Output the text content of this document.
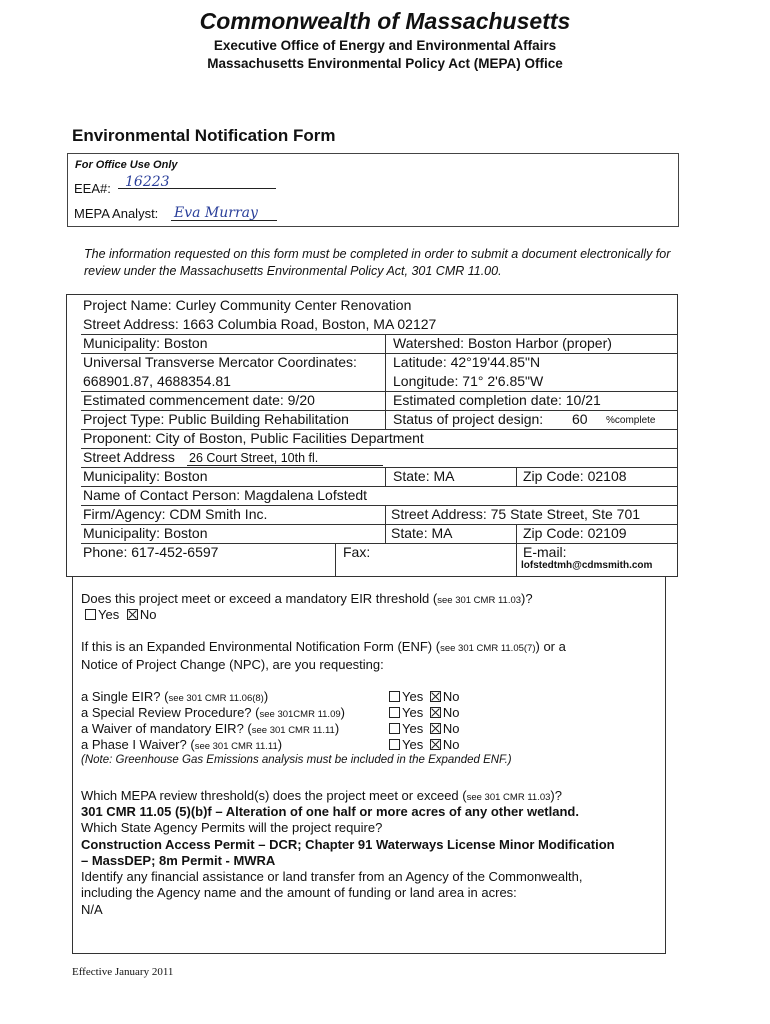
Commonwealth of Massachusetts
Executive Office of Energy and Environmental Affairs
Massachusetts Environmental Policy Act (MEPA) Office
Environmental Notification Form
For Office Use Only
EEA#: 16223
MEPA Analyst: Eva Murray
The information requested on this form must be completed in order to submit a document electronically for review under the Massachusetts Environmental Policy Act, 301 CMR 11.00.
Project Name: Curley Community Center Renovation
Street Address: 1663 Columbia Road, Boston, MA 02127
Municipality: Boston	Watershed: Boston Harbor (proper)
Universal Transverse Mercator Coordinates:
668901.87, 4688354.81
Latitude: 42°19'44.85"N
Longitude: 71° 2'6.85"W
Estimated commencement date: 9/20	Estimated completion date: 10/21
Project Type: Public Building Rehabilitation	Status of project design: 60 %complete
Proponent: City of Boston, Public Facilities Department
Street Address 26 Court Street, 10th fl.
Municipality: Boston	State: MA	Zip Code: 02108
Name of Contact Person: Magdalena Lofstedt
Firm/Agency: CDM Smith Inc.	Street Address: 75 State Street, Ste 701
Municipality: Boston	State: MA	Zip Code: 02109
Phone: 617-452-6597	Fax:	E-mail:
lofstedtmh@cdmsmith.com
Does this project meet or exceed a mandatory EIR threshold (see 301 CMR 11.03)?
Yes No
If this is an Expanded Environmental Notification Form (ENF) (see 301 CMR 11.05(7)) or a
Notice of Project Change (NPC), are you requesting:
a Single EIR? (see 301 CMR 11.06(8))	Yes No
a Special Review Procedure? (see 301CMR 11.09)	Yes No
a Waiver of mandatory EIR? (see 301 CMR 11.11)	Yes No
a Phase I Waiver? (see 301 CMR 11.11)	Yes No
(Note: Greenhouse Gas Emissions analysis must be included in the Expanded ENF.)
Which MEPA review threshold(s) does the project meet or exceed (see 301 CMR 11.03)?
301 CMR 11.05 (5)(b)f – Alteration of one half or more acres of any other wetland.
Which State Agency Permits will the project require?
Construction Access Permit – DCR; Chapter 91 Waterways License Minor Modification
– MassDEP; 8m Permit - MWRA
Identify any financial assistance or land transfer from an Agency of the Commonwealth,
including the Agency name and the amount of funding or land area in acres:
N/A
Effective January 2011
